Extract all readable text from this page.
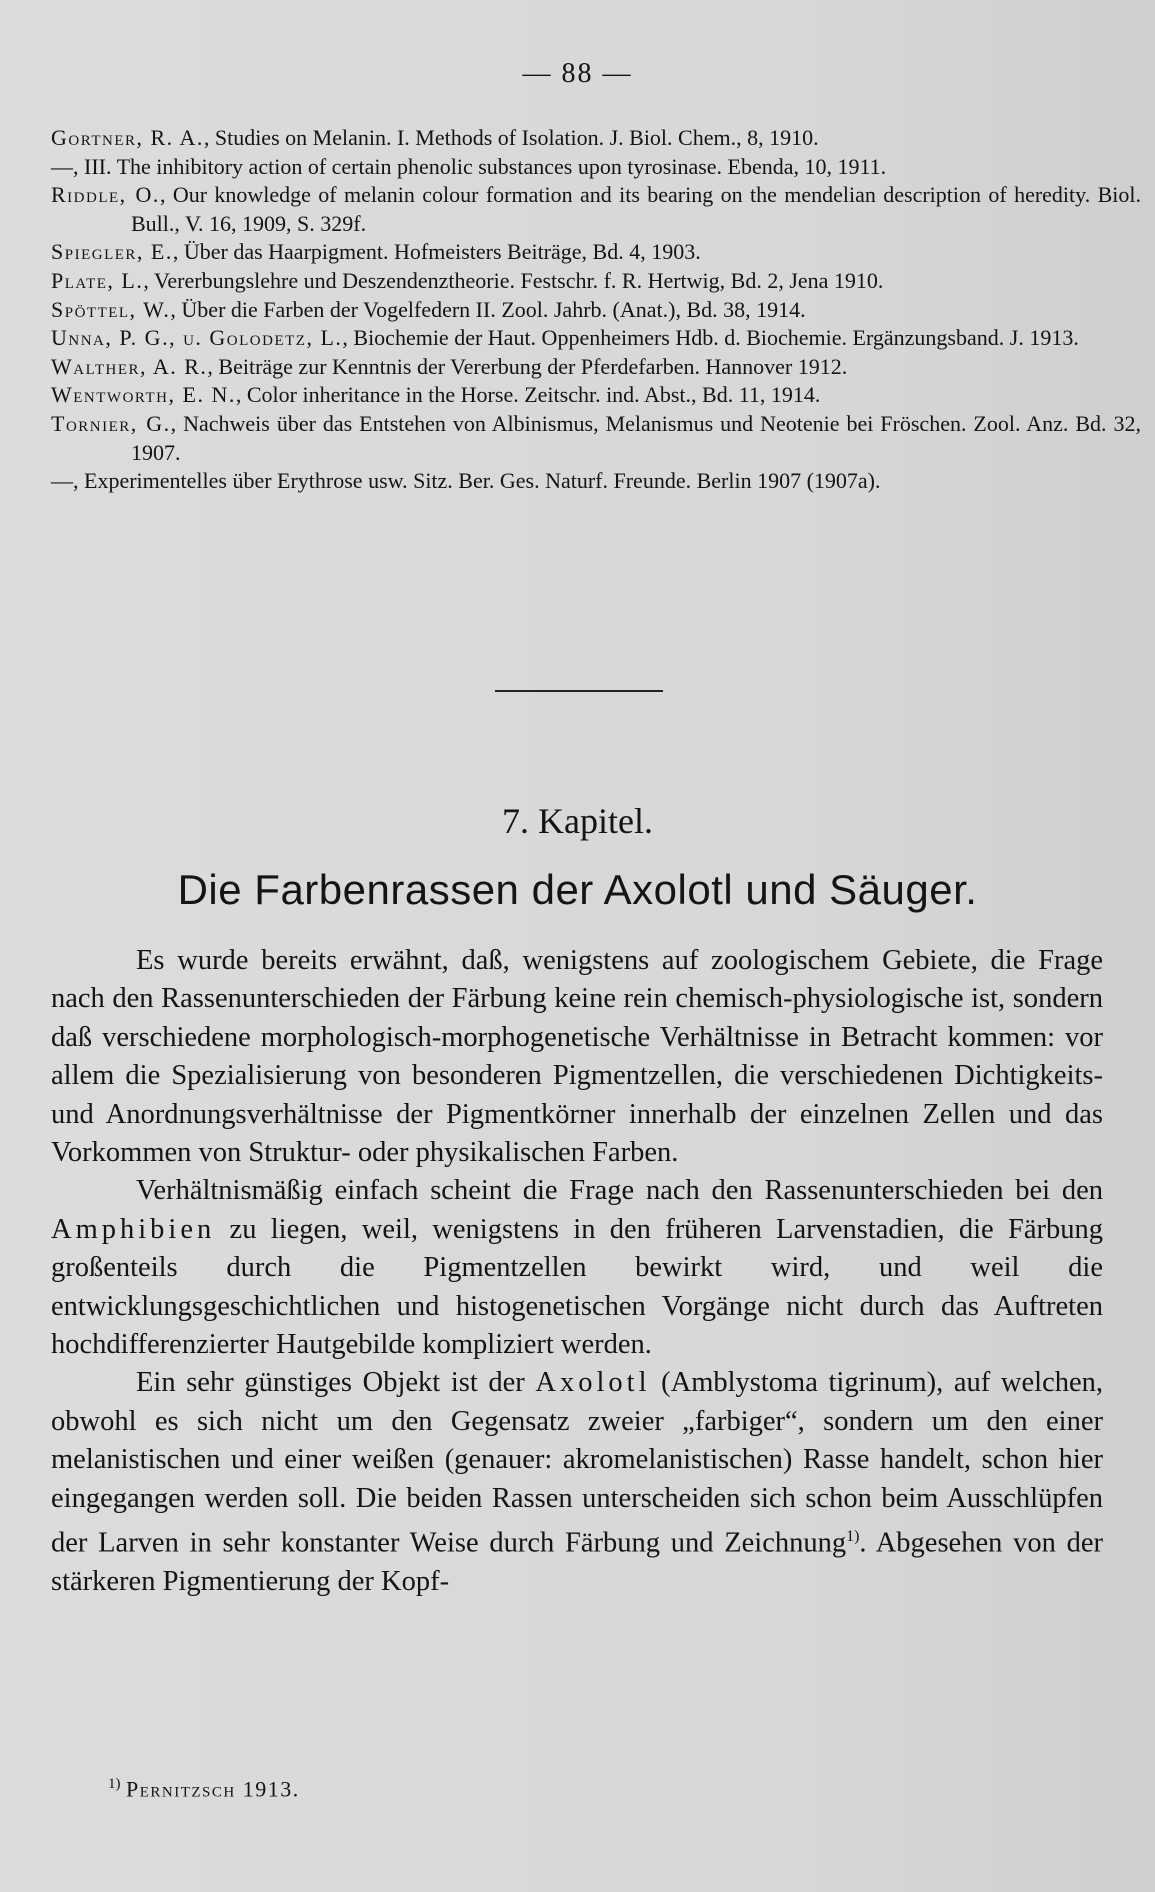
— 88 —
Gortner, R. A., Studies on Melanin. I. Methods of Isolation. J. Biol. Chem., 8, 1910.
—, III. The inhibitory action of certain phenolic substances upon tyrosinase. Ebenda, 10, 1911.
Riddle, O., Our knowledge of melanin colour formation and its bearing on the mendelian description of heredity. Biol. Bull., V. 16, 1909, S. 329f.
Spiegler, E., Über das Haarpigment. Hofmeisters Beiträge, Bd. 4, 1903.
Plate, L., Vererbungslehre und Deszendenztheorie. Festschr. f. R. Hertwig, Bd. 2, Jena 1910.
Spöttel, W., Über die Farben der Vogelfedern II. Zool. Jahrb. (Anat.), Bd. 38, 1914.
Unna, P. G., u. Golodetz, L., Biochemie der Haut. Oppenheimers Hdb. d. Biochemie. Ergänzungsband. J. 1913.
Walther, A. R., Beiträge zur Kenntnis der Vererbung der Pferdefarben. Hannover 1912.
Wentworth, E. N., Color inheritance in the Horse. Zeitschr. ind. Abst., Bd. 11, 1914.
Tornier, G., Nachweis über das Entstehen von Albinismus, Melanismus und Neotenie bei Fröschen. Zool. Anz. Bd. 32, 1907.
—, Experimentelles über Erythrose usw. Sitz. Ber. Ges. Naturf. Freunde. Berlin 1907 (1907a).
7. Kapitel.
Die Farbenrassen der Axolotl und Säuger.

Es wurde bereits erwähnt, daß, wenigstens auf zoologischem Gebiete, die Frage nach den Rassenunterschieden der Färbung keine rein chemisch-physiologische ist, sondern daß verschiedene morphologisch-morphogenetische Verhältnisse in Betracht kommen: vor allem die Spezialisierung von besonderen Pigmentzellen, die verschiedenen Dichtigkeits- und Anordnungsverhältnisse der Pigmentkörner innerhalb der einzelnen Zellen und das Vorkommen von Struktur- oder physikalischen Farben.

Verhältnismäßig einfach scheint die Frage nach den Rassenunterschieden bei den Amphibien zu liegen, weil, wenigstens in den früheren Larvenstadien, die Färbung großenteils durch die Pigmentzellen bewirkt wird, und weil die entwicklungsgeschichtlichen und histogenetischen Vorgänge nicht durch das Auftreten hochdifferenzierter Hautgebilde kompliziert werden.

Ein sehr günstiges Objekt ist der Axolotl (Amblystoma tigrinum), auf welchen, obwohl es sich nicht um den Gegensatz zweier „farbiger“, sondern um den einer melanistischen und einer weißen (genauer: akromelanistischen) Rasse handelt, schon hier eingegangen werden soll. Die beiden Rassen unterscheiden sich schon beim Ausschlüpfen der Larven in sehr konstanter Weise durch Färbung und Zeichnung$^{1)}$. Abgesehen von der stärkeren Pigmentierung der Kopf-

$^{1)}$ Pernitzsch 1913.
